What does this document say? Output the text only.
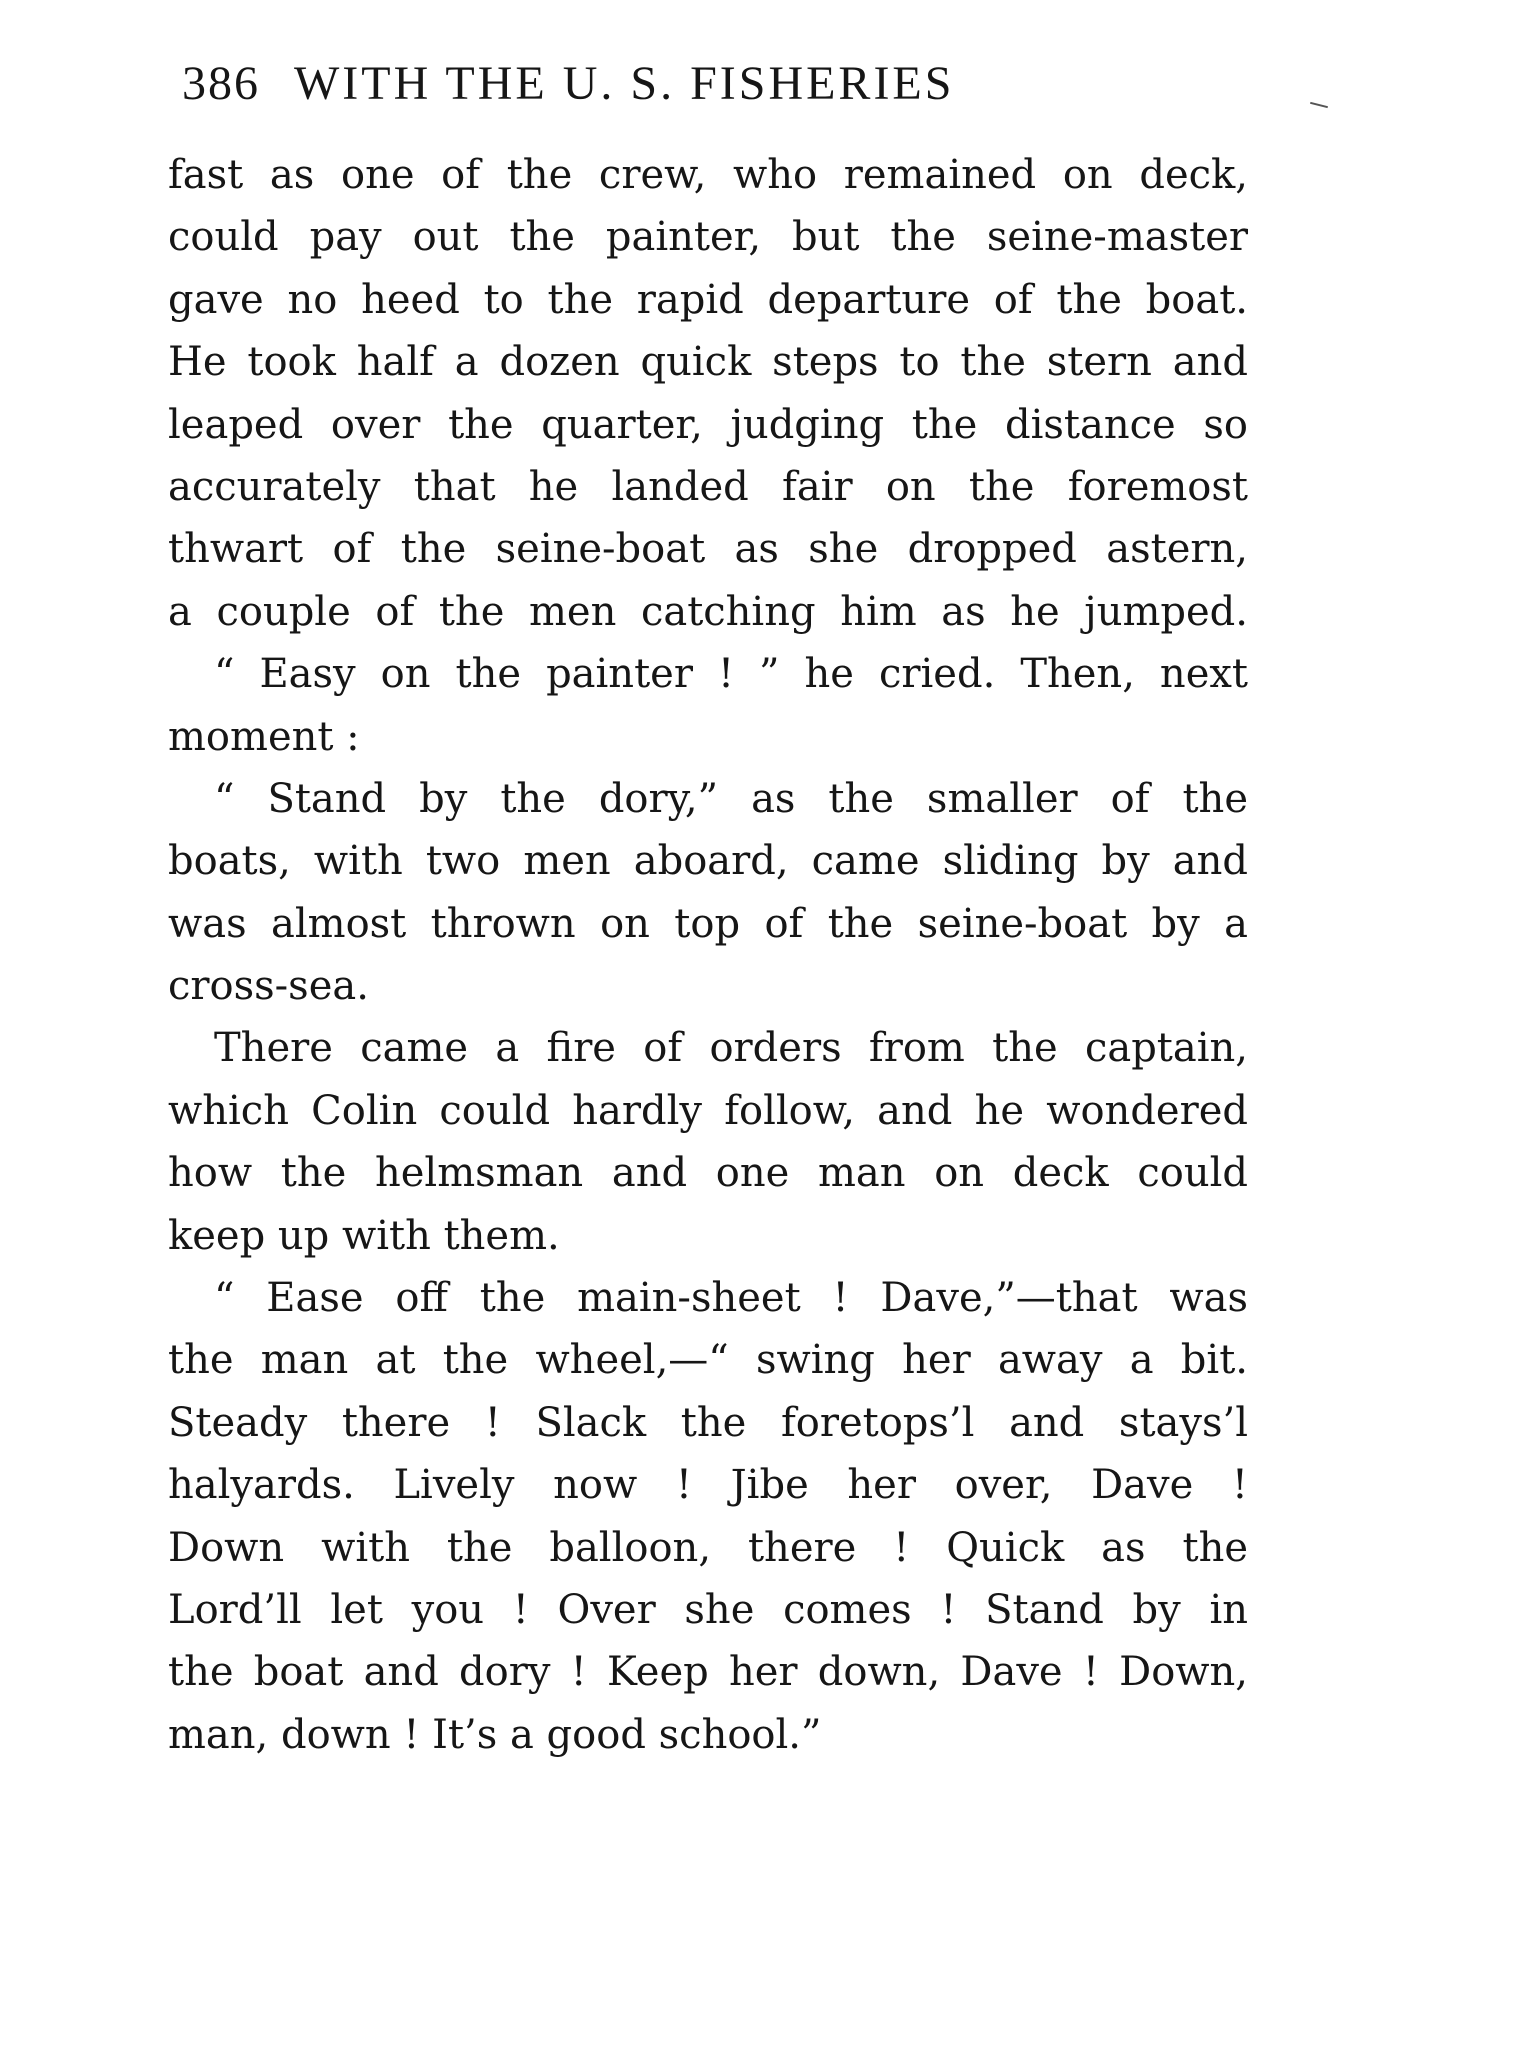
386 WITH THE U. S. FISHERIES

fast as one of the crew, who remained on deck,
could pay out the painter, but the seine-master
gave no heed to the rapid departure of the boat.
He took half a dozen quick steps to the stern and
leaped over the quarter, judging the distance so
accurately that he landed fair on the foremost
thwart of the seine-boat as she dropped astern,
a couple of the men catching him as he jumped.

“ Easy on the painter ! ” he cried. Then, next
moment :

“ Stand by the dory,” as the smaller of the
boats, with two men aboard, came sliding by and
was almost thrown on top of the seine-boat by a
cross-sea.

There came a fire of orders from the captain,
which Colin could hardly follow, and he wondered
how the helmsman and one man on deck could
keep up with them.

“ Ease off the main-sheet ! Dave,”—that was
the man at the wheel,—“ swing her away a bit.
Steady there ! Slack the foretops’l and stays’l
halyards. Lively now ! Jibe her over, Dave !
Down with the balloon, there ! Quick as the
Lord’ll let you ! Over she comes ! Stand by in
the boat and dory ! Keep her down, Dave ! Down,
man, down ! It’s a good school.”
